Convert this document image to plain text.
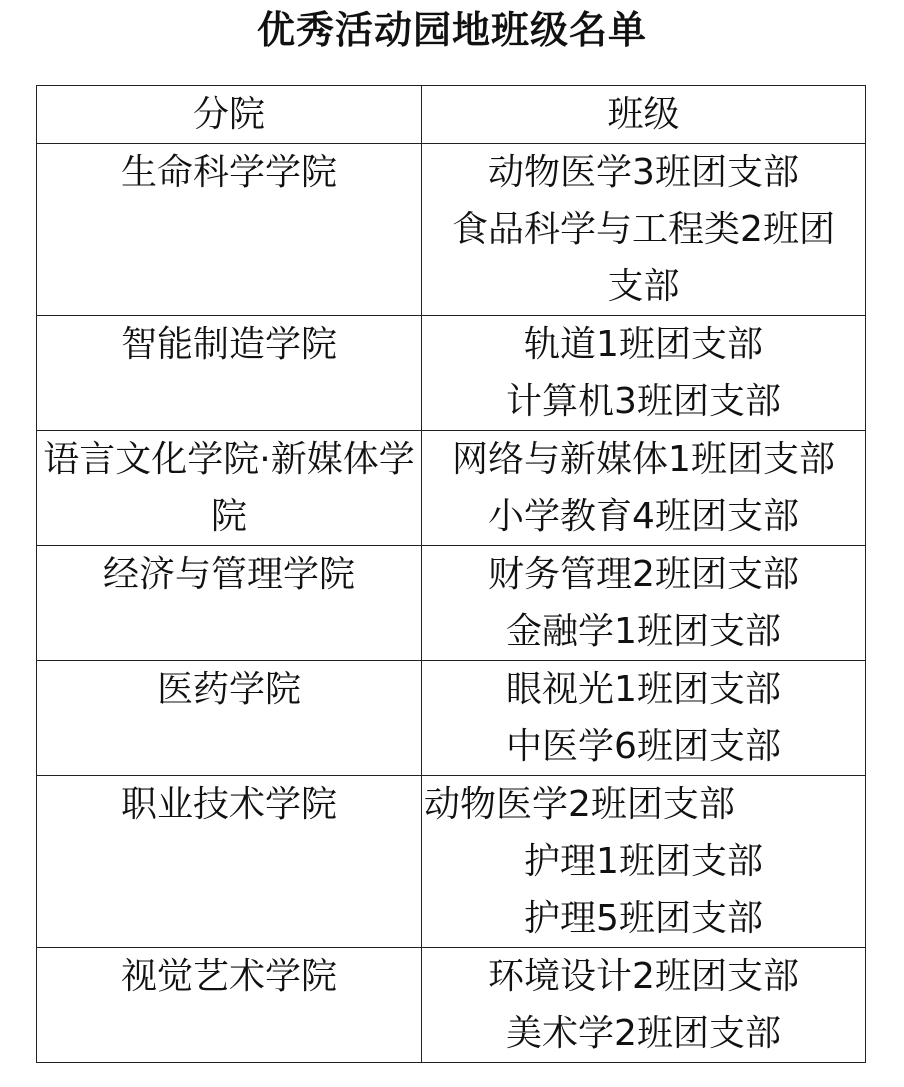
优秀活动园地班级名单
分院	班级
生命科学学院	动物医学3班团支部
食品科学与工程类2班团
支部

智能制造学院	轨道1班团支部
计算机3班团支部

语言文化学院·新媒体学院	网络与新媒体1班团支部
小学教育4班团支部

经济与管理学院	财务管理2班团支部
金融学1班团支部

医药学院	眼视光1班团支部
中医学6班团支部

职业技术学院	动物医学2班团支部
护理1班团支部
护理5班团支部

视觉艺术学院	环境设计2班团支部
美术学2班团支部
